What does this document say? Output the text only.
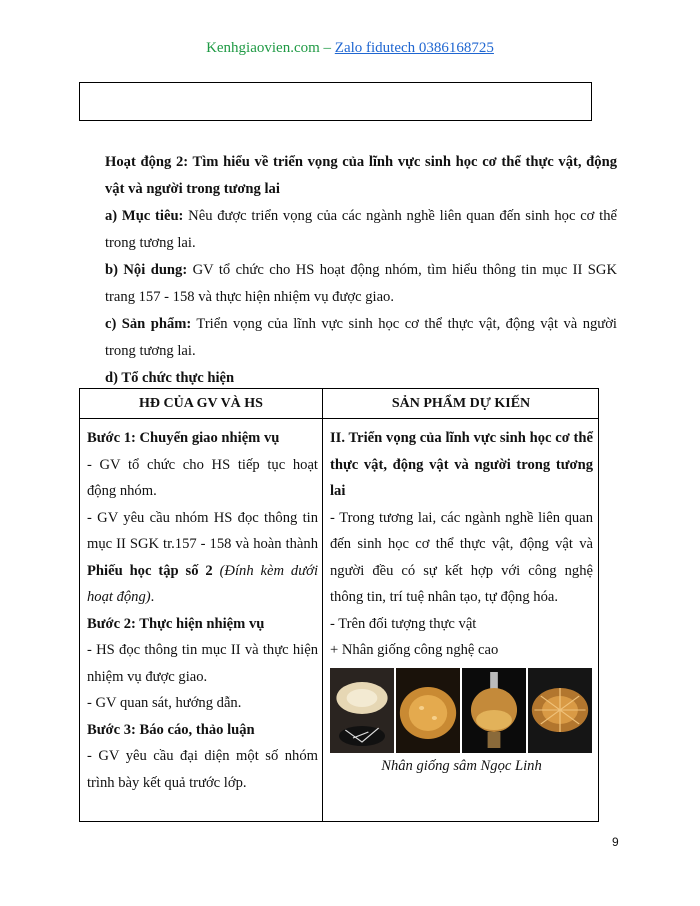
Kenhgiaovien.com – Zalo fidutech 0386168725

Hoạt động 2: Tìm hiểu về triển vọng của lĩnh vực sinh học cơ thể thực vật, động vật và người trong tương lai

a) Mục tiêu: Nêu được triển vọng của các ngành nghề liên quan đến sinh học cơ thể trong tương lai.

b) Nội dung: GV tổ chức cho HS hoạt động nhóm, tìm hiểu thông tin mục II SGK trang 157 - 158 và thực hiện nhiệm vụ được giao.

c) Sản phẩm: Triển vọng của lĩnh vực sinh học cơ thể thực vật, động vật và người trong tương lai.

d) Tổ chức thực hiện

HĐ CỦA GV VÀ HS	SẢN PHẨM DỰ KIẾN

Bước 1: Chuyển giao nhiệm vụ

- GV tổ chức cho HS tiếp tục hoạt động nhóm.

- GV yêu cầu nhóm HS đọc thông tin mục II SGK tr.157 - 158 và hoàn thành Phiếu học tập số 2 (Đính kèm dưới hoạt động).

Bước 2: Thực hiện nhiệm vụ

- HS đọc thông tin mục II và thực hiện nhiệm vụ được giao.

- GV quan sát, hướng dẫn.

Bước 3: Báo cáo, thảo luận

- GV yêu cầu đại diện một số nhóm trình bày kết quả trước lớp.

II. Triển vọng của lĩnh vực sinh học cơ thể thực vật, động vật và người trong tương lai

- Trong tương lai, các ngành nghề liên quan đến sinh học cơ thể thực vật, động vật và người đều có sự kết hợp với công nghệ thông tin, trí tuệ nhân tạo, tự động hóa.

- Trên đối tượng thực vật

+ Nhân giống công nghệ cao

Nhân giống sâm Ngọc Linh

9
